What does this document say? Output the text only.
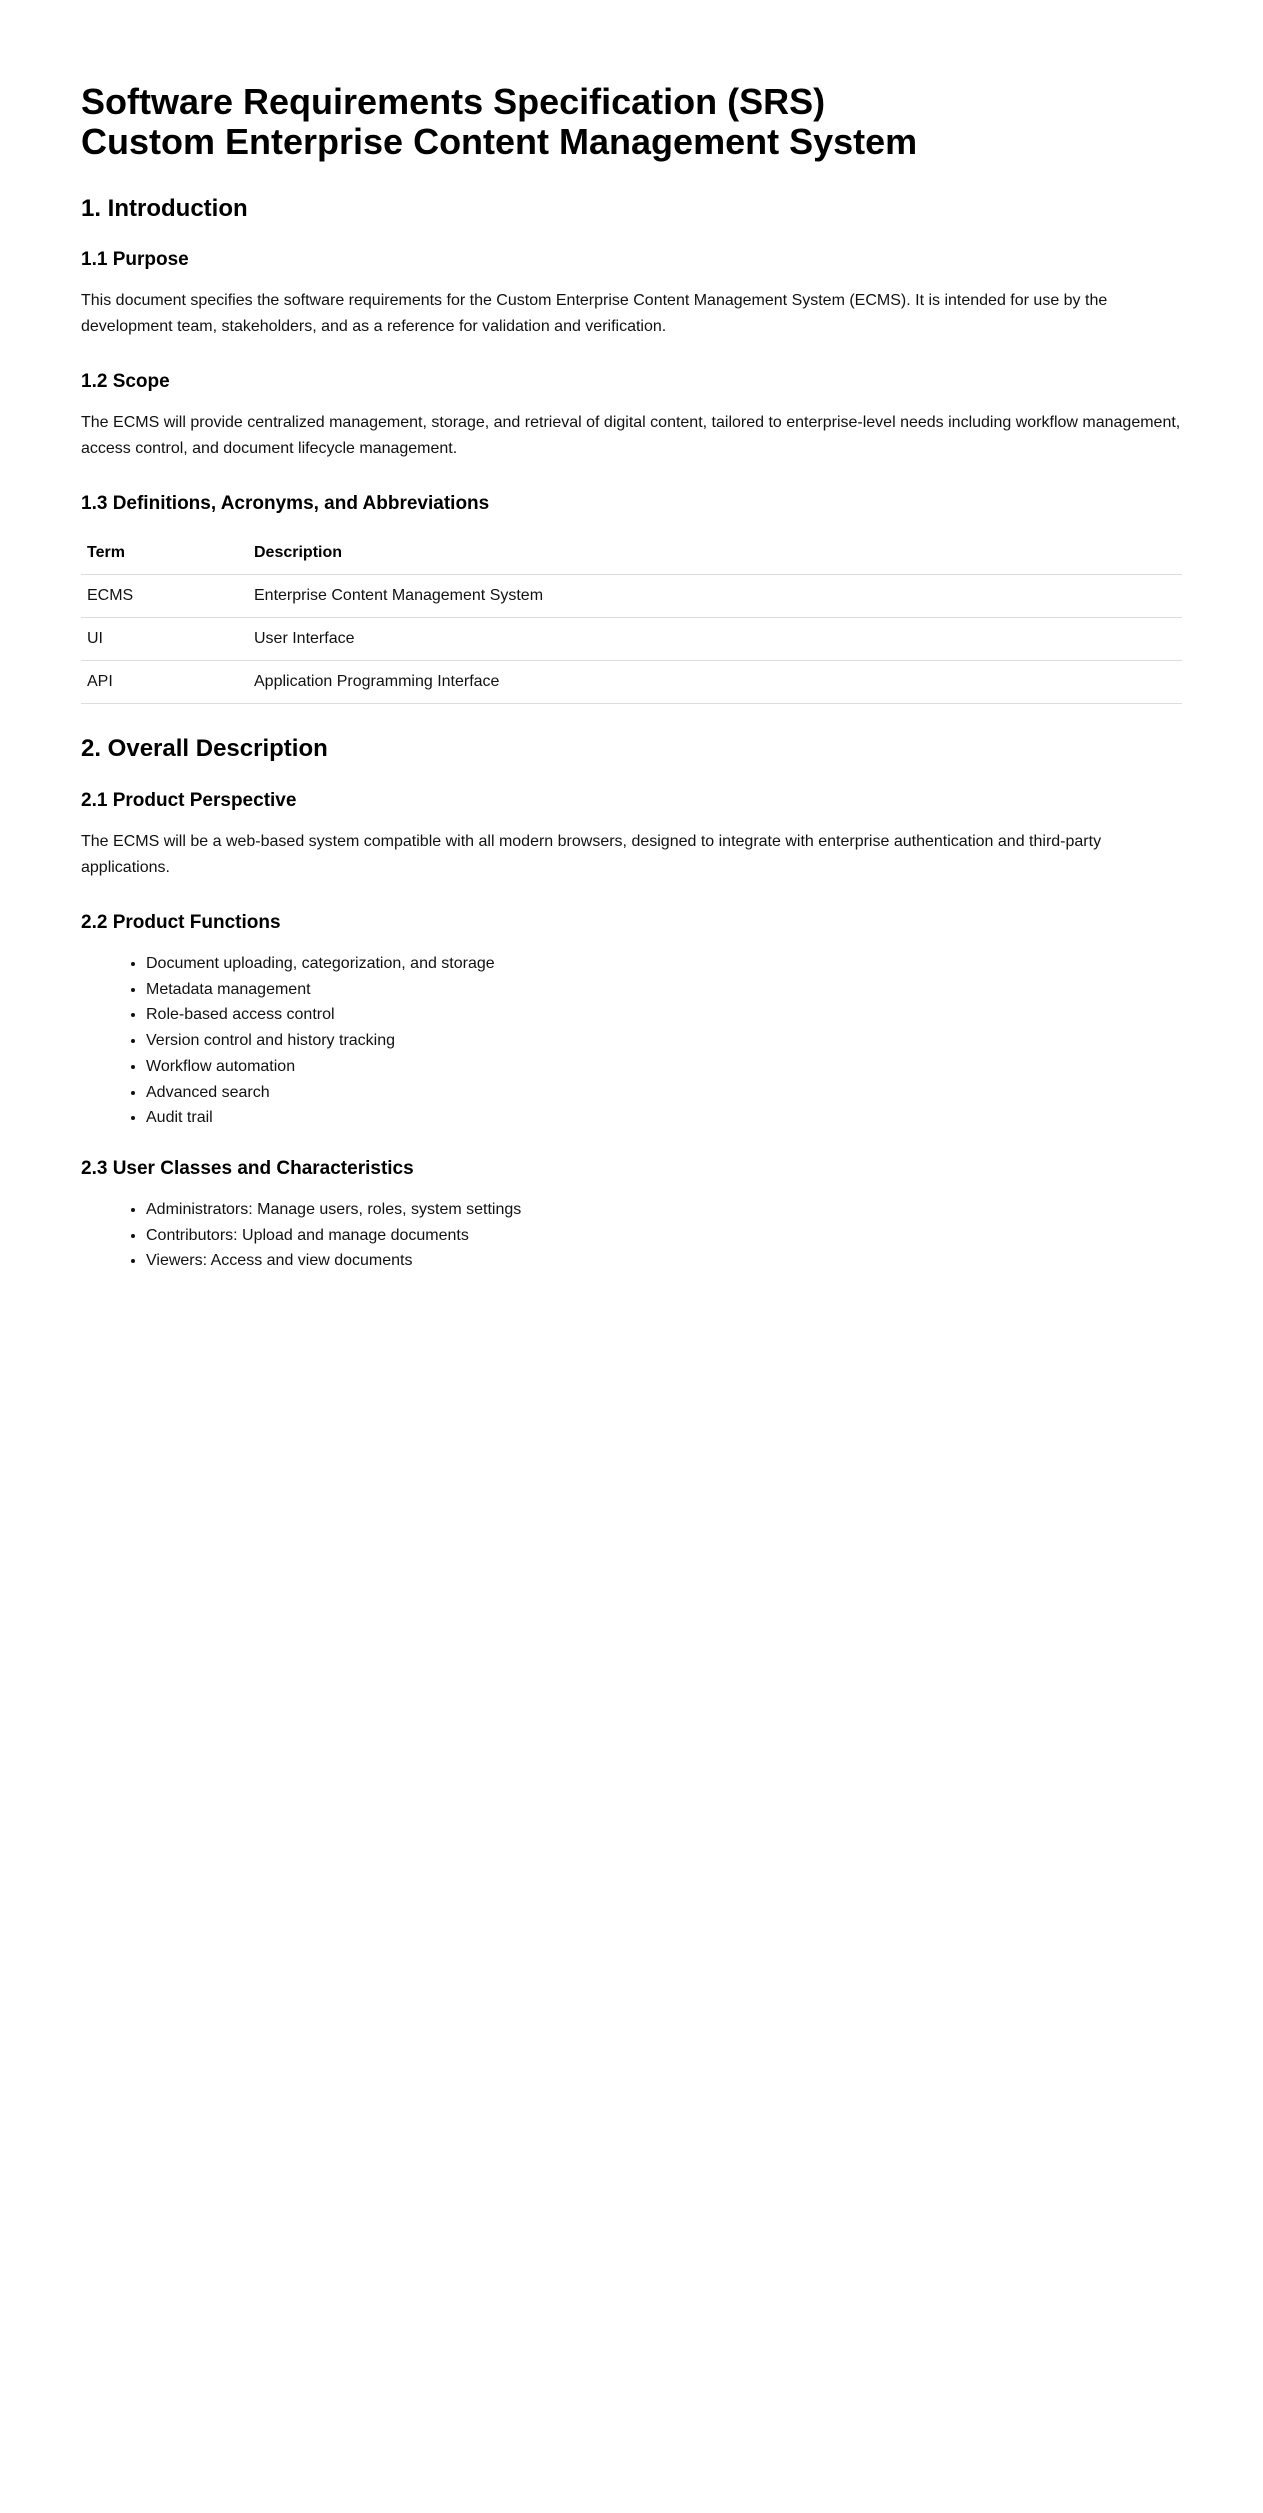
Software Requirements Specification (SRS)
Custom Enterprise Content Management System
1. Introduction
1.1 Purpose

This document specifies the software requirements for the Custom Enterprise Content Management System (ECMS). It is intended for use by the development team, stakeholders, and as a reference for validation and verification.

1.2 Scope

The ECMS will provide centralized management, storage, and retrieval of digital content, tailored to enterprise-level needs including workflow management, access control, and document lifecycle management.

1.3 Definitions, Acronyms, and Abbreviations
Term	Description
ECMS	Enterprise Content Management System
UI	User Interface
API	Application Programming Interface
2. Overall Description
2.1 Product Perspective

The ECMS will be a web-based system compatible with all modern browsers, designed to integrate with enterprise authentication and third-party applications.

2.2 Product Functions
• Document uploading, categorization, and storage
• Metadata management
• Role-based access control
• Version control and history tracking
• Workflow automation
• Advanced search
• Audit trail
2.3 User Classes and Characteristics
• Administrators: Manage users, roles, system settings
• Contributors: Upload and manage documents
• Viewers: Access and view documents
